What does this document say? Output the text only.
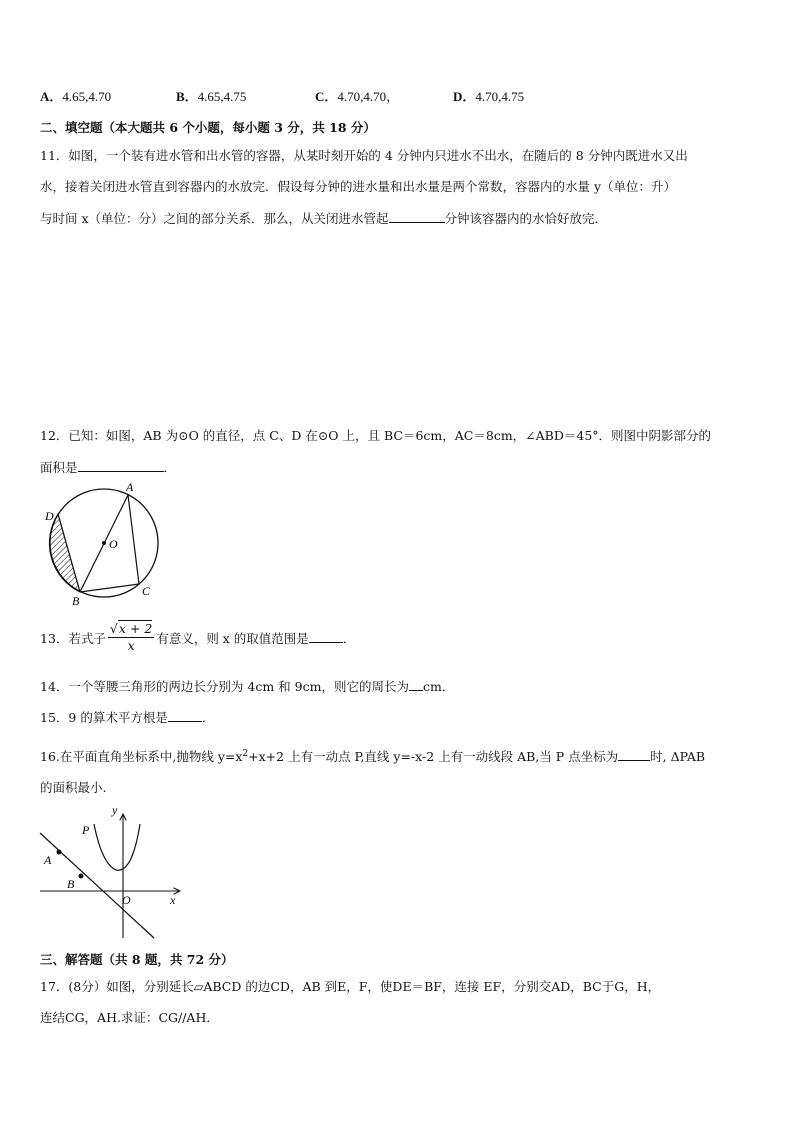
A．4.65,4.70	B．4.65,4.75	C．4.70,4.70，	D．4.70,4.75
二、填空题（本大题共 6 个小题，每小题 3 分，共 18 分）
11．如图，一个装有进水管和出水管的容器，从某时刻开始的 4 分钟内只进水不出水，在随后的 8 分钟内既进水又出
水，接着关闭进水管直到容器内的水放完．假设每分钟的进水量和出水量是两个常数，容器内的水量 y（单位：升）
与时间 x（单位：分）之间的部分关系．那么，从关闭进水管起	分钟该容器内的水恰好放完．
12．已知：如图，AB 为⊙O 的直径，点 C、D 在⊙O 上，且 BC＝6cm，AC＝8cm，∠ABD＝45°．则图中阴影部分的
面积是	．
A
D
O
C
B
13．若式子 $\frac{√x + 2}{x}$ 有意义，则 x 的取值范围是	．
14．一个等腰三角形的两边长分别为 4cm 和 9cm，则它的周长为 cm．
15．9 的算术平方根是	．
16.在平面直角坐标系中,抛物线 $y=x^2+x+2$ 上有一动点 P,直线 y=-x-2 上有一动线段 AB,当 P 点坐标为	时, ΔPAB
的面积最小.
y
x
P
A
B
O
三、解答题（共 8 题，共 72 分）
17．(8分）如图，分别延长▱ABCD 的边CD，AB 到E，F，使DE＝BF，连接 EF，分别交AD，BC于G，H，
连结CG，AH.求证：CG//AH．
